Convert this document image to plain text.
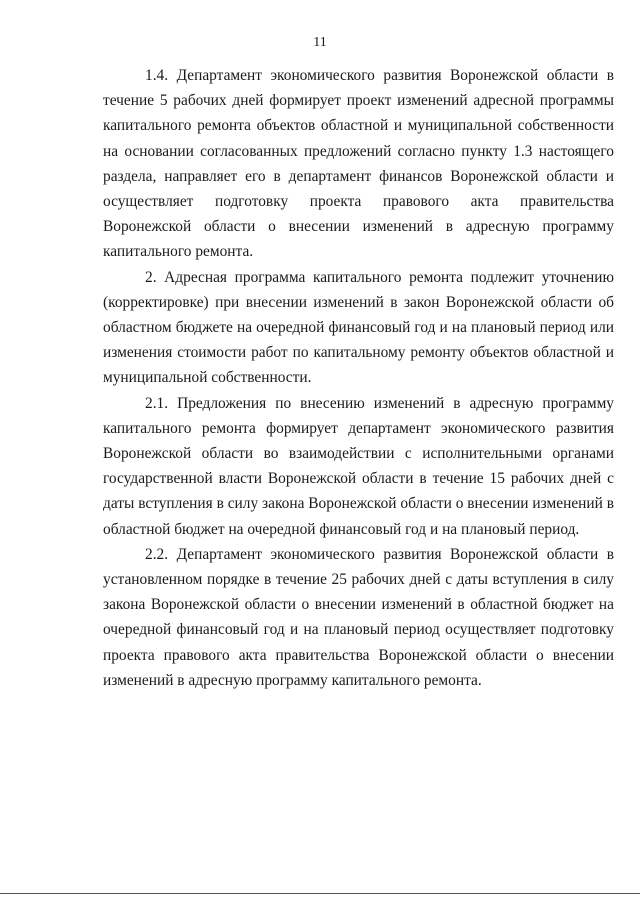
11

1.4. Департамент экономического развития Воронежской области в течение 5 рабочих дней формирует проект изменений адресной программы капитального ремонта объектов областной и муниципальной собственности на основании согласованных предложений согласно пункту 1.3 настоящего раздела, направляет его в департамент финансов Воронежской области и осуществляет подготовку проекта правового акта правительства Воронежской области о внесении изменений в адресную программу капитального ремонта.

2. Адресная программа капитального ремонта подлежит уточнению (корректировке) при внесении изменений в закон Воронежской области об областном бюджете на очередной финансовый год и на плановый период или изменения стоимости работ по капитальному ремонту объектов областной и муниципальной собственности.

2.1. Предложения по внесению изменений в адресную программу капитального ремонта формирует департамент экономического развития Воронежской области во взаимодействии с исполнительными органами государственной власти Воронежской области в течение 15 рабочих дней с даты вступления в силу закона Воронежской области о внесении изменений в областной бюджет на очередной финансовый год и на плановый период.

2.2. Департамент экономического развития Воронежской области в установленном порядке в течение 25 рабочих дней с даты вступления в силу закона Воронежской области о внесении изменений в областной бюджет на очередной финансовый год и на плановый период осуществляет подготовку проекта правового акта правительства Воронежской области о внесении изменений в адресную программу капитального ремонта.
